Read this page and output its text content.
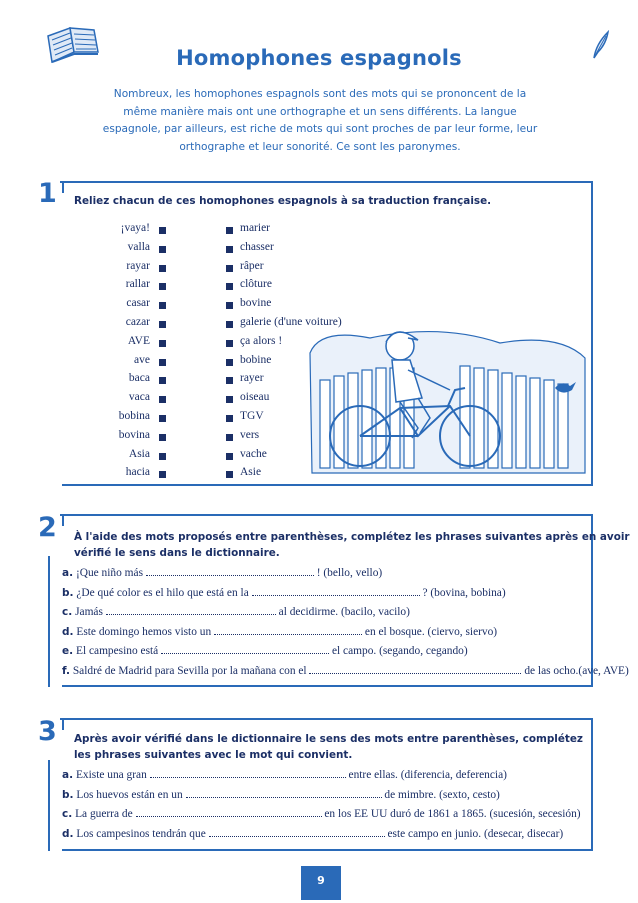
Homophones espagnols
Nombreux, les homophones espagnols sont des mots qui se prononcent de la même manière mais ont une orthographe et un sens différents. La langue espagnole, par ailleurs, est riche de mots qui sont proches de par leur forme, leur orthographe et leur sonorité. Ce sont les paronymes.
1 Reliez chacun de ces homophones espagnols à sa traduction française.
¡vaya!	marier
valla	chasser
rayar	râper
rallar	clôture
casar	bovine
cazar	galerie (d'une voiture)
AVE	ça alors !
ave	bobine
baca	rayer
vaca	oiseau
bobina	TGV
bovina	vers
Asia	vache
hacia	Asie
2 À l'aide des mots proposés entre parenthèses, complétez les phrases suivantes après en avoir
vérifié le sens dans le dictionnaire.
a. ¡Que niño más	! (bello, vello)
b. ¿De qué color es el hilo que está en la	? (bovina, bobina)
c. Jamás	al decidirme. (bacilo, vacilo)
d. Este domingo hemos visto un	en el bosque. (ciervo, siervo)
e. El campesino está	el campo. (segando, cegando)
f. Saldré de Madrid para Sevilla por la mañana con el	de las ocho.(ave, AVE)
3 Après avoir vérifié dans le dictionnaire le sens des mots entre parenthèses, complétez
les phrases suivantes avec le mot qui convient.
a. Existe una gran	entre ellas. (diferencia, deferencia)
b. Los huevos están en un	de mimbre. (sexto, cesto)
c. La guerra de	en los EE UU duró de 1861 a 1865. (sucesión, secesión)
d. Los campesinos tendrán que	este campo en junio. (desecar, disecar)
9
